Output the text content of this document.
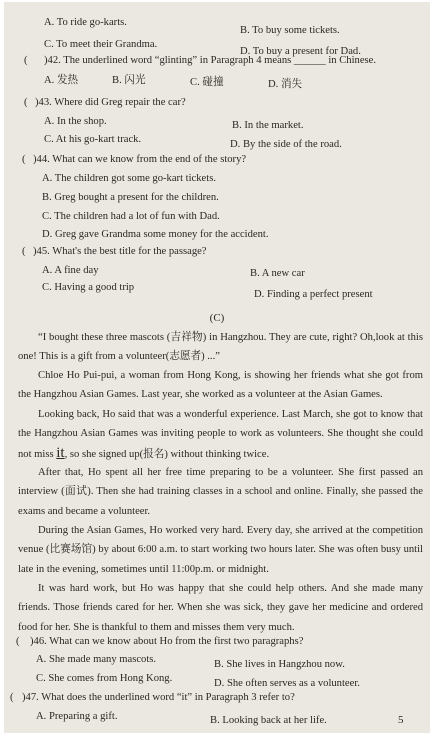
A. To ride go-karts.
B. To buy some tickets.
C. To meet their Grandma.
D. To buy a present for Dad.
( )42. The underlined word “glinting” in Paragraph 4 means ______ in Chinese.
A. 发热	B. 闪光	C. 碰撞	D. 消失
( )43. Where did Greg repair the car?
A. In the shop.	B. In the market.
C. At his go-kart track.	D. By the side of the road.
( )44. What can we know from the end of the story?
A. The children got some go-kart tickets.
B. Greg bought a present for the children.
C. The children had a lot of fun with Dad.
D. Greg gave Grandma some money for the accident.
( )45. What's the best title for the passage?
A. A fine day	B. A new car
C. Having a good trip
D. Finding a perfect present
(C)
“I bought these three mascots (吉祥物) in Hangzhou. They are cute, right? Oh,look at this one! This is a gift from a volunteer(志愿者) ...”
Chloe Ho Pui-pui, a woman from Hong Kong, is showing her friends what she got from the Hangzhou Asian Games. Last year, she worked as a volunteer at the Asian Games.
Looking back, Ho said that was a wonderful experience. Last March, she got to know that the Hangzhou Asian Games was inviting people to work as volunteers. She thought she could not miss it, so she signed up(报名) without thinking twice.
After that, Ho spent all her free time preparing to be a volunteer. She first passed an interview (面试). Then she had training classes in a school and online. Finally, she passed the exams and became a volunteer.
During the Asian Games, Ho worked very hard. Every day, she arrived at the competition venue (比赛场馆) by about 6:00 a.m. to start working two hours later. She was often busy until late in the evening, sometimes until 11:00p.m. or midnight.
It was hard work, but Ho was happy that she could help others. And she made many friends. Those friends cared for her. When she was sick, they gave her medicine and ordered food for her. She is thankful to them and misses them very much.
( )46. What can we know about Ho from the first two paragraphs?
A. She made many mascots.	B. She lives in Hangzhou now.
C. She comes from Hong Kong.
5
D. She often serves as a volunteer.
( )47. What does the underlined word “it” in Paragraph 3 refer to?
A. Preparing a gift.	B. Looking back at her life.
